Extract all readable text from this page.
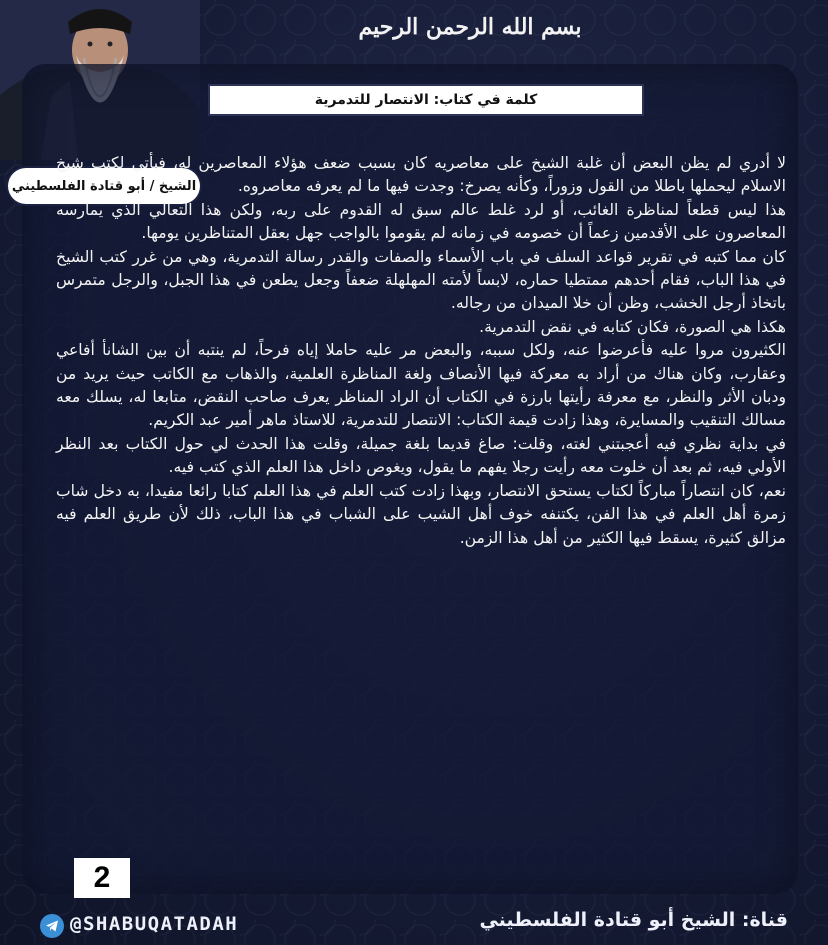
بسم الله الرحمن الرحيم
الشيخ / أبو قتادة الفلسطيني
كلمة في كتاب: الانتصار للتدمرية

لا أدري لم يظن البعض أن غلبة الشيخ على معاصريه كان بسبب ضعف هؤلاء المعاصرين له، فيأتي لكتب شيخ الاسلام ليحملها باطلا من القول وزوراً، وكأنه يصرخ: وجدت فيها ما لم يعرفه معاصروه.

هذا ليس قطعاً لمناظرة الغائب، أو لرد غلط عالم سبق له القدوم على ربه، ولكن هذا التعالي الذي يمارسه المعاصرون على الأقدمين زعماً أن خصومه في زمانه لم يقوموا بالواجب جهل بعقل المتناظرين يومها.

كان مما كتبه في تقرير قواعد السلف في باب الأسماء والصفات والقدر رسالة التدمرية، وهي من غرر كتب الشيخ في هذا الباب، فقام أحدهم ممتطيا حماره، لابساً لأمته المهلهلة ضعفاً وجعل يطعن في هذا الجبل، والرجل متمرس باتخاذ أرجل الخشب، وظن أن خلا الميدان من رجاله.

هكذا هي الصورة، فكان كتابه في نقض التدمرية.

الكثيرون مروا عليه فأعرضوا عنه، ولكل سببه، والبعض مر عليه حاملا إياه فرحاً، لم ينتبه أن بين الشانأ أفاعي وعقارب، وكان هناك من أراد به معركة فيها الأنصاف ولغة المناظرة العلمية، والذهاب مع الكاتب حيث يريد من ودبان الأثر والنظر، مع معرفة رأيتها بارزة في الكتاب أن الراد المناظر يعرف صاحب النقض، متابعا له، يسلك معه مسالك التنقيب والمسايرة، وهذا زادت قيمة الكتاب: الانتصار للتدمرية، للاستاذ ماهر أمير عبد الكريم.

في بداية نظري فيه أعجبتني لغته، وقلت: صاغ قديما بلغة جميلة، وقلت هذا الحدث لي حول الكتاب بعد النظر الأولي فيه، ثم بعد أن خلوت معه رأيت رجلا يفهم ما يقول، ويغوص داخل هذا العلم الذي كتب فيه.

نعم، كان انتصاراً مباركاً لكتاب يستحق الانتصار، وبهذا زادت كتب العلم في هذا العلم كتابا رائعا مفيدا، به دخل شاب زمرة أهل العلم في هذا الفن، يكتنفه خوف أهل الشيب على الشباب في هذا الباب، ذلك لأن طريق العلم فيه مزالق كثيرة، يسقط فيها الكثير من أهل هذا الزمن.

2
@SHABUQATADAH	قناة: الشيخ أبو قتادة الفلسطيني
